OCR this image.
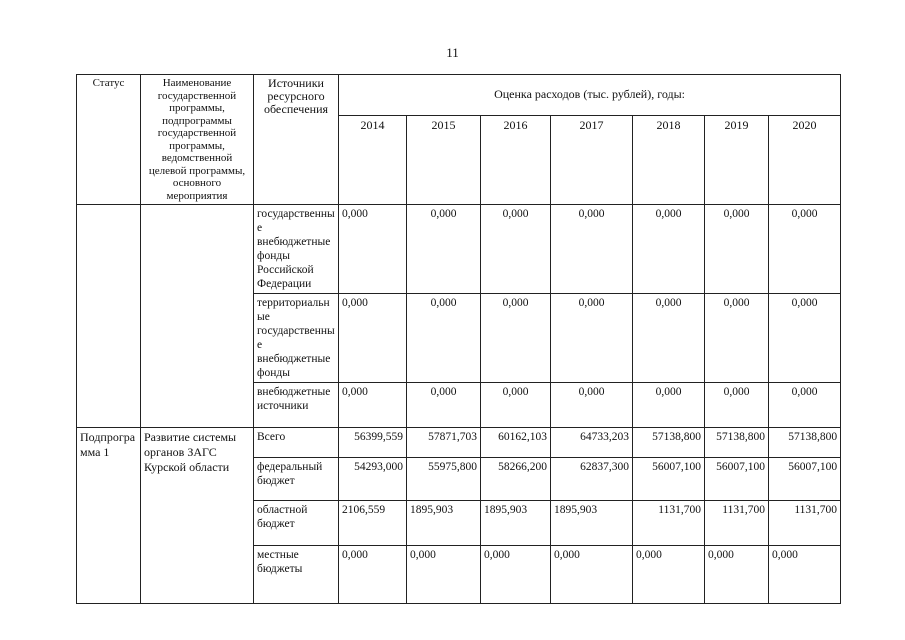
11
Статус	Наименование государственной программы, подпрограммы государственной программы, ведомственной целевой программы, основного мероприятия	Источники ресурсного обеспечения	Оценка расходов (тыс. рублей), годы:						

			2014	2015	2016	2017	2018	2019	2020
		государственные внебюджетные фонды Российской Федерации	0,000	0,000	0,000	0,000	0,000	0,000	0,000
		территориальные государственные внебюджетные фонды	0,000	0,000	0,000	0,000	0,000	0,000	0,000
		внебюджетные источники	0,000	0,000	0,000	0,000	0,000	0,000	0,000
Подпрограмма 1	Развитие системы органов ЗАГС Курской области	Всего	56399,559	57871,703	60162,103	64733,203	57138,800	57138,800	57138,800
		федеральный бюджет	54293,000	55975,800	58266,200	62837,300	56007,100	56007,100	56007,100
		областной бюджет	2106,559	1895,903	1895,903	1895,903	1131,700	1131,700	1131,700
		местные бюджеты	0,000	0,000	0,000	0,000	0,000	0,000	0,000
